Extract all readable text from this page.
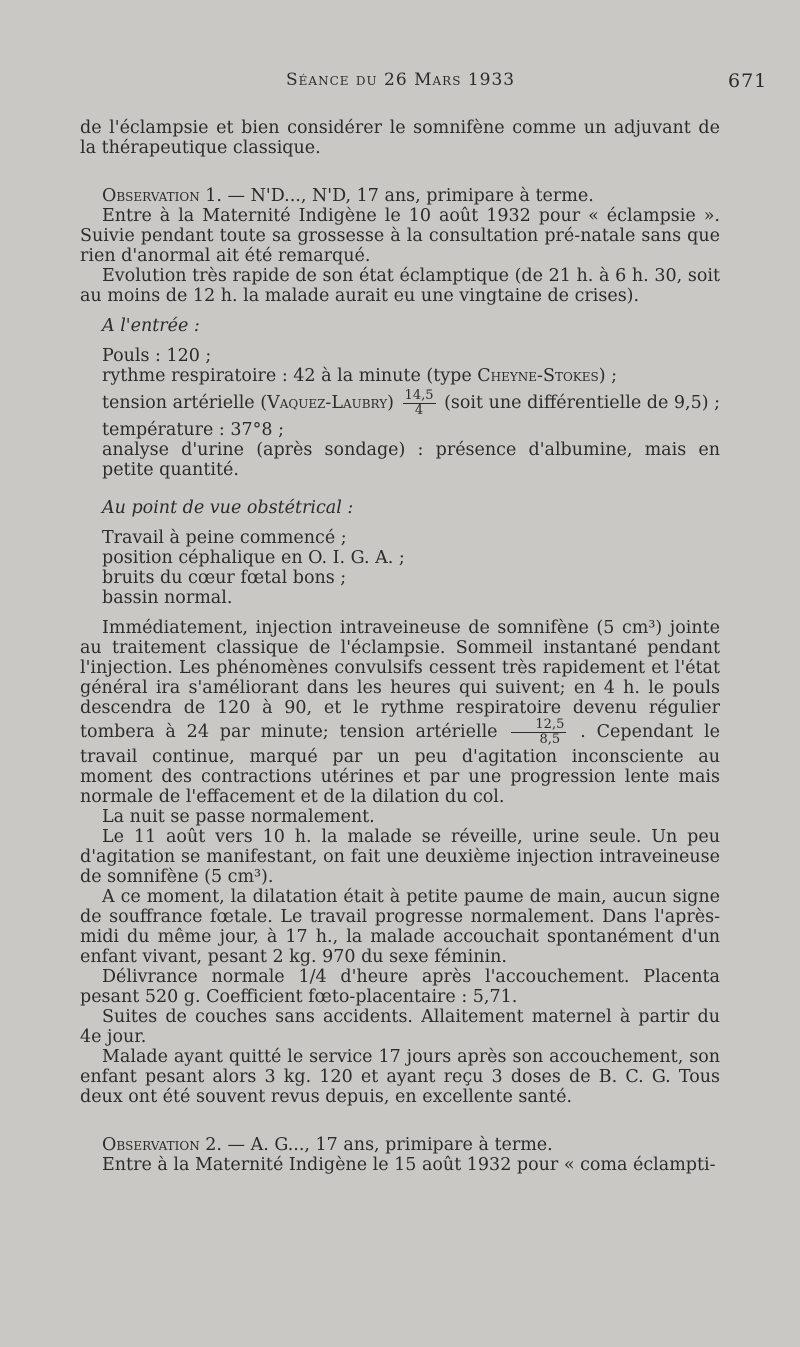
Séance du 26 Mars 1933	671

de l'éclampsie et bien considérer le somnifène comme un adjuvant de la thérapeutique classique.

Observation 1. — N'D..., N'D, 17 ans, primipare à terme.

Entre à la Maternité Indigène le 10 août 1932 pour « éclampsie ». Suivie pendant toute sa grossesse à la consultation pré-natale sans que rien d'anormal ait été remarqué.

Evolution très rapide de son état éclamptique (de 21 h. à 6 h. 30, soit au moins de 12 h. la malade aurait eu une vingtaine de crises).

A l'entrée :

Pouls : 120 ;

rythme respiratoire : 42 à la minute (type Cheyne-Stokes) ;

tension artérielle (Vaquez-Laubry) $\frac{14,5}{4}$ (soit une différentielle de 9,5) ;

température : 37°8 ;

analyse d'urine (après sondage) : présence d'albumine, mais en petite quantité.

Au point de vue obstétrical :

Travail à peine commencé ;

position céphalique en O. I. G. A. ;

bruits du cœur fœtal bons ;

bassin normal.

Immédiatement, injection intraveineuse de somnifène (5 cm³) jointe au traitement classique de l'éclampsie. Sommeil instantané pendant l'injection. Les phénomènes convulsifs cessent très rapidement et l'état général ira s'améliorant dans les heures qui suivent; en 4 h. le pouls descendra de 120 à 90, et le rythme respiratoire devenu régulier tombera à 24 par minute; tension artérielle $\frac{12,5}{8,5}$ . Cependant le travail continue, marqué par un peu d'agitation inconsciente au moment des contractions utérines et par une progression lente mais normale de l'effacement et de la dilation du col.

La nuit se passe normalement.

Le 11 août vers 10 h. la malade se réveille, urine seule. Un peu d'agitation se manifestant, on fait une deuxième injection intraveineuse de somnifène (5 cm³).

A ce moment, la dilatation était à petite paume de main, aucun signe de souffrance fœtale. Le travail progresse normalement. Dans l'après-midi du même jour, à 17 h., la malade accouchait spontanément d'un enfant vivant, pesant 2 kg. 970 du sexe féminin.

Délivrance normale 1/4 d'heure après l'accouchement. Placenta pesant 520 g. Coefficient fœto-placentaire : 5,71.

Suites de couches sans accidents. Allaitement maternel à partir du 4e jour.

Malade ayant quitté le service 17 jours après son accouchement, son enfant pesant alors 3 kg. 120 et ayant reçu 3 doses de B. C. G. Tous deux ont été souvent revus depuis, en excellente santé.

Observation 2. — A. G..., 17 ans, primipare à terme.

Entre à la Maternité Indigène le 15 août 1932 pour « coma éclampti-
